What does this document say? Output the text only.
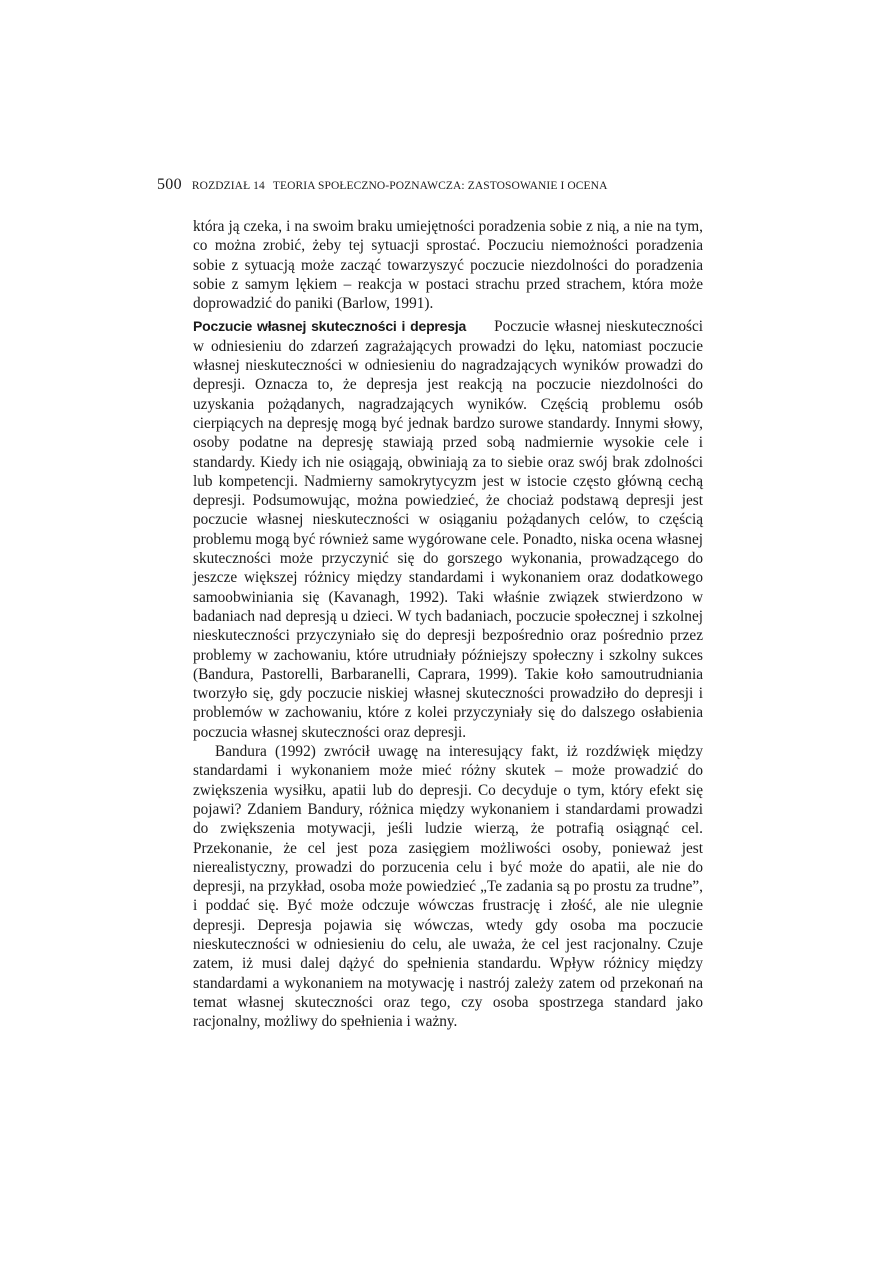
500 ROZDZIAŁ 14 TEORIA SPOŁECZNO-POZNAWCZA: ZASTOSOWANIE I OCENA

która ją czeka, i na swoim braku umiejętności poradzenia sobie z nią, a nie na tym, co można zrobić, żeby tej sytuacji sprostać. Poczuciu niemożności poradzenia sobie z sytuacją może zacząć towarzyszyć poczucie niezdolności do poradzenia sobie z samym lękiem – reakcja w postaci strachu przed strachem, która może doprowadzić do paniki (Barlow, 1991).

Poczucie własnej skuteczności i depresja Poczucie własnej nieskuteczności w odniesieniu do zdarzeń zagrażających prowadzi do lęku, natomiast poczucie własnej nieskuteczności w odniesieniu do nagradzających wyników prowadzi do depresji. Oznacza to, że depresja jest reakcją na poczucie niezdolności do uzyskania pożądanych, nagradzających wyników. Częścią problemu osób cierpiących na depresję mogą być jednak bardzo surowe standardy. Innymi słowy, osoby podatne na depresję stawiają przed sobą nadmiernie wysokie cele i standardy. Kiedy ich nie osiągają, obwiniają za to siebie oraz swój brak zdolności lub kompetencji. Nadmierny samokrytycyzm jest w istocie często główną cechą depresji. Podsumowując, można powiedzieć, że chociaż podstawą depresji jest poczucie własnej nieskuteczności w osiąganiu pożądanych celów, to częścią problemu mogą być również same wygórowane cele. Ponadto, niska ocena własnej skuteczności może przyczynić się do gorszego wykonania, prowadzącego do jeszcze większej różnicy między standardami i wykonaniem oraz dodatkowego samoobwiniania się (Kavanagh, 1992). Taki właśnie związek stwierdzono w badaniach nad depresją u dzieci. W tych badaniach, poczucie społecznej i szkolnej nieskuteczności przyczyniało się do depresji bezpośrednio oraz pośrednio przez problemy w zachowaniu, które utrudniały późniejszy społeczny i szkolny sukces (Bandura, Pastorelli, Barbaranelli, Caprara, 1999). Takie koło samoutrudniania tworzyło się, gdy poczucie niskiej własnej skuteczności prowadziło do depresji i problemów w zachowaniu, które z kolei przyczyniały się do dalszego osłabienia poczucia własnej skuteczności oraz depresji.

Bandura (1992) zwrócił uwagę na interesujący fakt, iż rozdźwięk między standardami i wykonaniem może mieć różny skutek – może prowadzić do zwiększenia wysiłku, apatii lub do depresji. Co decyduje o tym, który efekt się pojawi? Zdaniem Bandury, różnica między wykonaniem i standardami prowadzi do zwiększenia motywacji, jeśli ludzie wierzą, że potrafią osiągnąć cel. Przekonanie, że cel jest poza zasięgiem możliwości osoby, ponieważ jest nierealistyczny, prowadzi do porzucenia celu i być może do apatii, ale nie do depresji, na przykład, osoba może powiedzieć „Te zadania są po prostu za trudne”, i poddać się. Być może odczuje wówczas frustrację i złość, ale nie ulegnie depresji. Depresja pojawia się wówczas, wtedy gdy osoba ma poczucie nieskuteczności w odniesieniu do celu, ale uważa, że cel jest racjonalny. Czuje zatem, iż musi dalej dążyć do spełnienia standardu. Wpływ różnicy między standardami a wykonaniem na motywację i nastrój zależy zatem od przekonań na temat własnej skuteczności oraz tego, czy osoba spostrzega standard jako racjonalny, możliwy do spełnienia i ważny.
